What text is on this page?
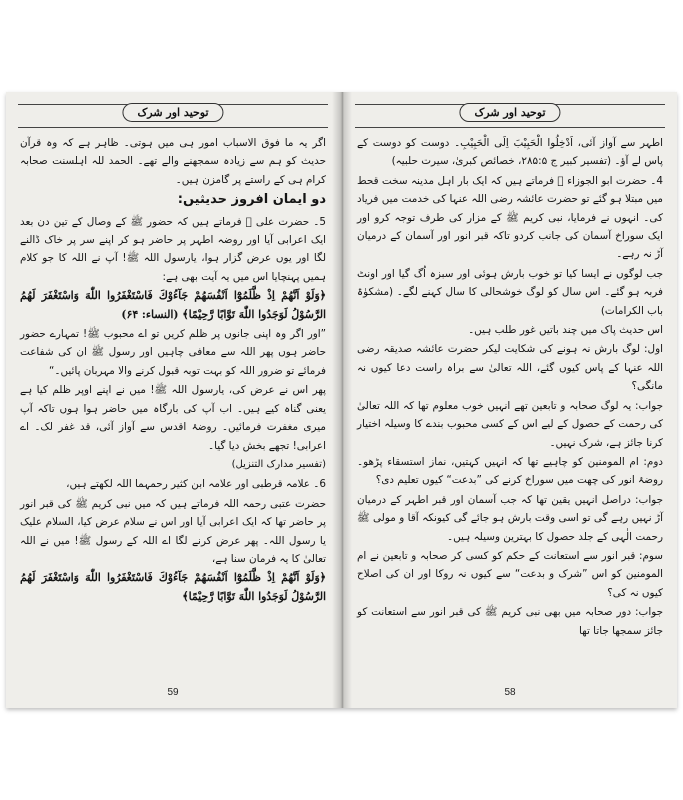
توحید اور شرک

اگر یہ ما فوق الاسباب امور ہی میں ہوتی۔ ظاہر ہے کہ وہ قرآن حدیث کو ہم سے زیادہ سمجھنے والے تھے۔ الحمد للہ اہلسنت صحابہ کرام ہی کے راستے پر گامزن ہیں۔

دو ایمان افروز حدیثیں:

5۔ حضرت علی ﷜ فرماتے ہیں کہ حضور ﷺ کے وصال کے تین دن بعد ایک اعرابی آیا اور روضہ اطہر پر حاضر ہو کر اپنے سر پر خاک ڈالنے لگا اور یوں عرض گزار ہوا، یارسول اللہ ﷺ! آپ نے اللہ کا جو کلام ہمیں پہنچایا اس میں یہ آیت بھی ہے:

﴿وَلَوْ اَنَّهُمْ اِذْ ظَّلَمُوْٓا اَنْفُسَهُمْ جَآءُوْكَ فَاسْتَغْفَرُوا اللّٰهَ وَاسْتَغْفَرَ لَهُمُ الرَّسُوْلُ لَوَجَدُوا اللّٰهَ تَوَّابًا رَّحِيْمًا﴾ (النساء: ۶۴)

”اور اگر وہ اپنی جانوں پر ظلم کریں تو اے محبوب ﷺ! تمہارے حضور حاضر ہوں پھر اللہ سے معافی چاہیں اور رسول ﷺ ان کی شفاعت فرمائے تو ضرور اللہ کو بہت توبہ قبول کرنے والا مہربان پائیں۔“

پھر اس نے عرض کی، یارسول اللہ ﷺ! میں نے اپنے اوپر ظلم کیا ہے یعنی گناہ کیے ہیں۔ اب آپ کی بارگاہ میں حاضر ہوا ہوں تاکہ آپ میری مغفرت فرمائیں۔ روضۂ اقدس سے آواز آئی، قد غفر لک۔ اے اعرابی! تجھے بخش دیا گیا۔

(تفسیر مدارک التنزیل)

6۔ علامہ قرطبی اور علامہ ابن کثیر رحمہما اللہ لکھتے ہیں،

حضرت عتبی رحمہ اللہ فرماتے ہیں کہ میں نبی کریم ﷺ کی قبر انور پر حاضر تھا کہ ایک اعرابی آیا اور اس نے سلام عرض کیا، السلام علیک یا رسول اللہ۔ پھر عرض کرنے لگا اے اللہ کے رسول ﷺ! میں نے اللہ تعالیٰ کا یہ فرمان سنا ہے،

﴿وَلَوْ اَنَّهُمْ اِذْ ظَّلَمُوْٓا اَنْفُسَهُمْ جَآءُوْكَ فَاسْتَغْفَرُوا اللّٰهَ وَاسْتَغْفَرَ لَهُمُ الرَّسُوْلُ لَوَجَدُوا اللّٰهَ تَوَّابًا رَّحِيْمًا﴾

59
توحید اور شرک

اطہر سے آواز آئی، اَدْخِلُوا الْحَبِيْبَ اِلَى الْحَبِيْبِ۔ دوست کو دوست کے پاس لے آؤ۔ (تفسیر کبیر ج ۲۸۵:۵، خصائص کبریٰ، سیرت حلبیہ)

4۔ حضرت ابو الجوزاء ﷜ فرماتے ہیں کہ ایک بار اہل مدینہ سخت قحط میں مبتلا ہو گئے تو حضرت عائشہ رضی اللہ عنہا کی خدمت میں فریاد کی۔ انہوں نے فرمایا، نبی کریم ﷺ کے مزار کی طرف توجہ کرو اور ایک سوراخ آسمان کی جانب کردو تاکہ قبر انور اور آسمان کے درمیان آڑ نہ رہے۔

جب لوگوں نے ایسا کیا تو خوب بارش ہوئی اور سبزہ اُگ گیا اور اونٹ فربہ ہو گئے۔ اس سال کو لوگ خوشحالی کا سال کہنے لگے۔ (مشکوٰۃ باب الکرامات)

اس حدیث پاک میں چند باتیں غور طلب ہیں۔

اول: لوگ بارش نہ ہونے کی شکایت لیکر حضرت عائشہ صدیقہ رضی اللہ عنہا کے پاس کیوں گئے، اللہ تعالیٰ سے براہ راست دعا کیوں نہ مانگی؟

جواب: یہ لوگ صحابہ و تابعین تھے انہیں خوب معلوم تھا کہ اللہ تعالیٰ کی رحمت کے حصول کے لیے اس کے کسی محبوب بندے کا وسیلہ اختیار کرنا جائز ہے، شرک نہیں۔

دوم: ام المومنین کو چاہیے تھا کہ انہیں کہتیں، نماز استسقاء پڑھو۔ روضۂ انور کی چھت میں سوراخ کرنے کی ”بدعت“ کیوں تعلیم دی؟

جواب: دراصل انہیں یقین تھا کہ جب آسمان اور قبر اطہر کے درمیان آڑ نہیں رہے گی تو اسی وقت بارش ہو جائے گی کیونکہ آقا و مولی ﷺ رحمت الٰہی کے جلد حصول کا بہترین وسیلہ ہیں۔

سوم: قبر انور سے استعانت کے حکم کو کسی کر صحابہ و تابعین نے ام المومنین کو اس ”شرک و بدعت“ سے کیوں نہ روکا اور ان کی اصلاح کیوں نہ کی؟

جواب: دور صحابہ میں بھی نبی کریم ﷺ کی قبر انور سے استعانت کو جائز سمجھا جاتا تھا

58
